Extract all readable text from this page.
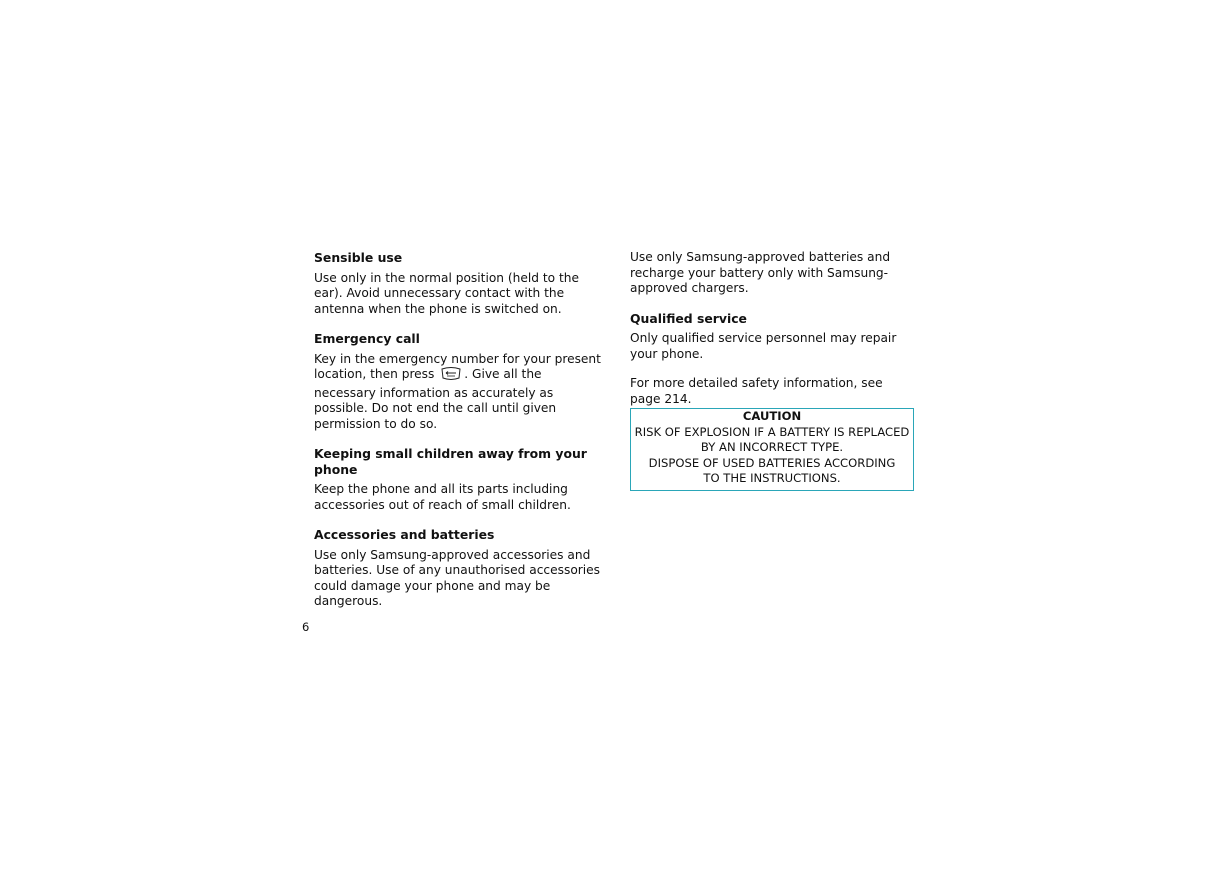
Sensible use

Use only in the normal position (held to the ear). Avoid unnecessary contact with the antenna when the phone is switched on.

Emergency call

Key in the emergency number for your present location, then press . Give all the necessary information as accurately as possible. Do not end the call until given permission to do so.

Keeping small children away from your phone

Keep the phone and all its parts including accessories out of reach of small children.

Accessories and batteries

Use only Samsung-approved accessories and batteries. Use of any unauthorised accessories could damage your phone and may be dangerous.

Use only Samsung-approved batteries and recharge your battery only with Samsung-approved chargers.

Qualified service

Only qualified service personnel may repair your phone.

For more detailed safety information, see page 214.

CAUTION
RISK OF EXPLOSION IF A BATTERY IS REPLACED
BY AN INCORRECT TYPE.
DISPOSE OF USED BATTERIES ACCORDING
TO THE INSTRUCTIONS.
6
